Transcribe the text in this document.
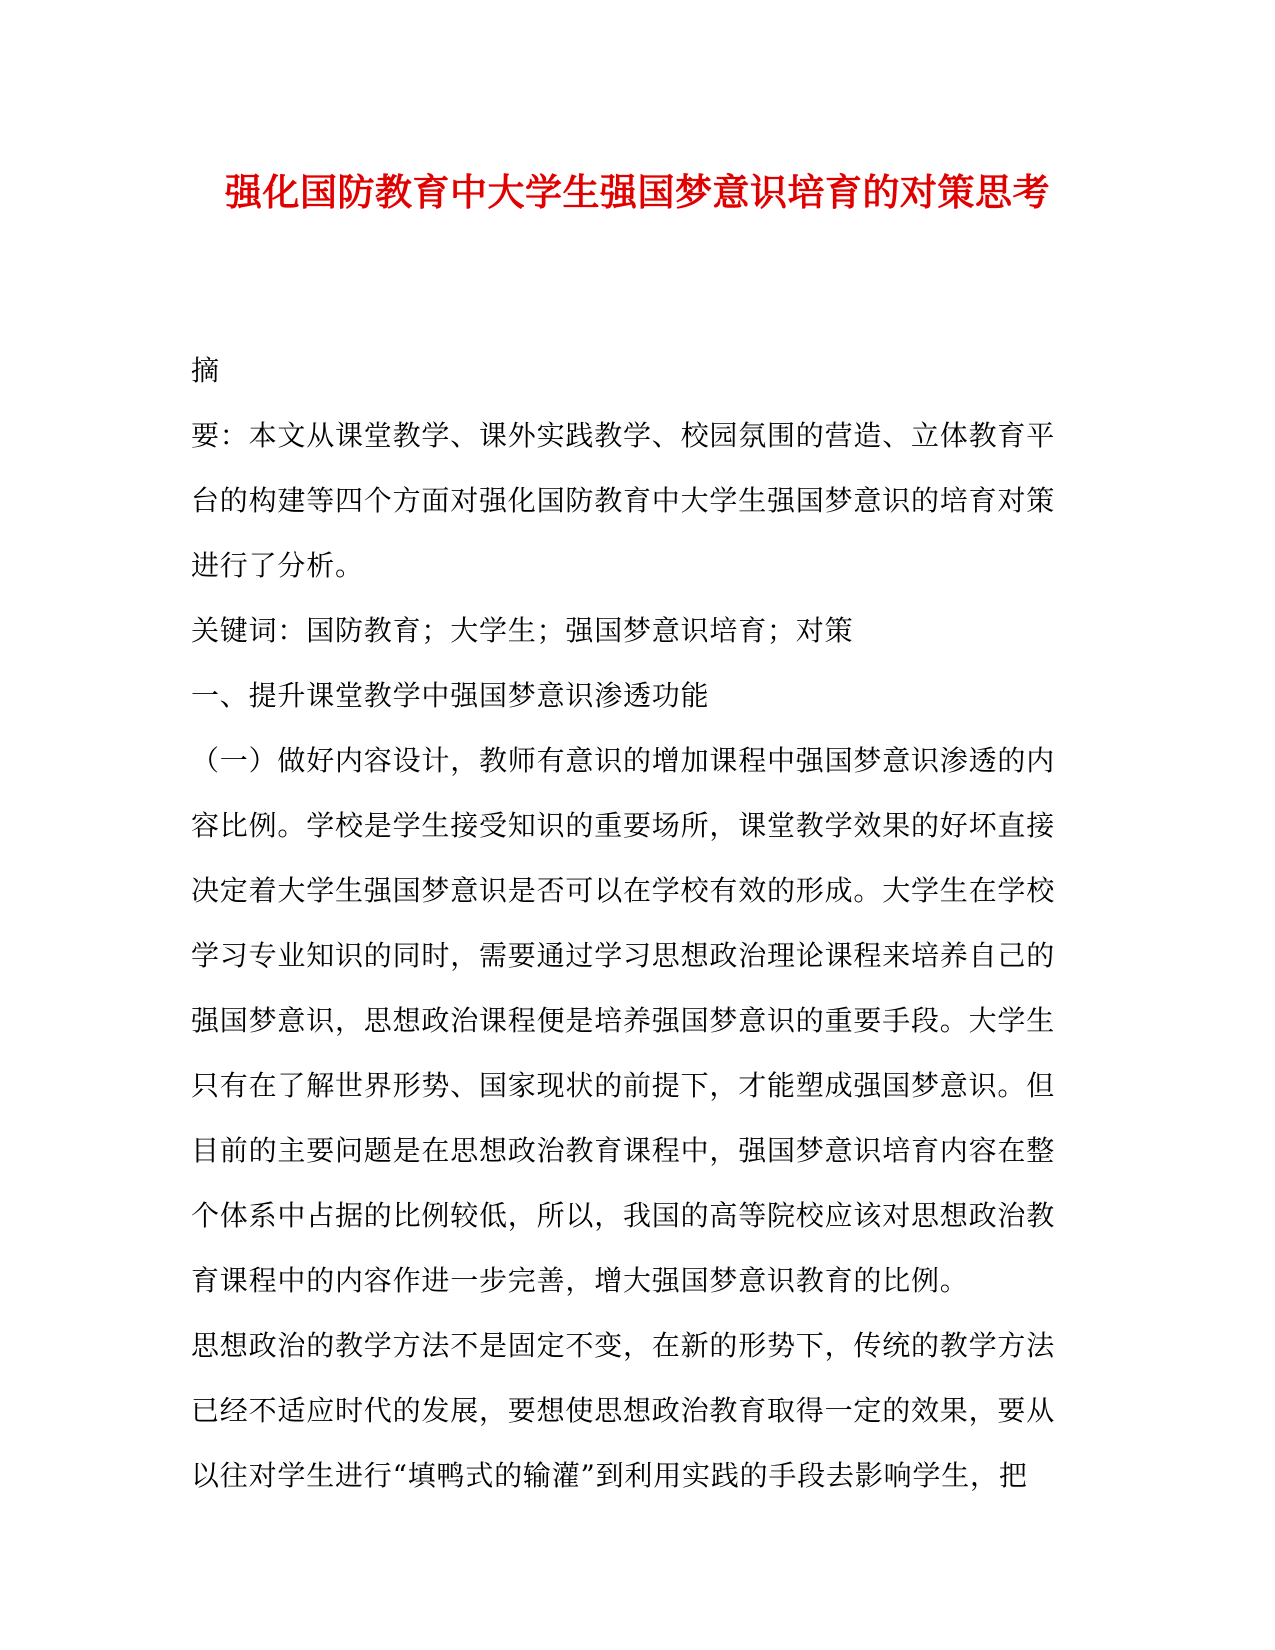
强化国防教育中大学生强国梦意识培育的对策思考

摘

要：本文从课堂教学、课外实践教学、校园氛围的营造、立体教育平台的构建等四个方面对强化国防教育中大学生强国梦意识的培育对策进行了分析。

关键词：国防教育；大学生；强国梦意识培育；对策

一、提升课堂教学中强国梦意识渗透功能

（一）做好内容设计，教师有意识的增加课程中强国梦意识渗透的内容比例。学校是学生接受知识的重要场所，课堂教学效果的好坏直接决定着大学生强国梦意识是否可以在学校有效的形成。大学生在学校学习专业知识的同时，需要通过学习思想政治理论课程来培养自己的强国梦意识，思想政治课程便是培养强国梦意识的重要手段。大学生只有在了解世界形势、国家现状的前提下，才能塑成强国梦意识。但目前的主要问题是在思想政治教育课程中，强国梦意识培育内容在整个体系中占据的比例较低，所以，我国的高等院校应该对思想政治教育课程中的内容作进一步完善，增大强国梦意识教育的比例。

思想政治的教学方法不是固定不变，在新的形势下，传统的教学方法已经不适应时代的发展，要想使思想政治教育取得一定的效果，要从以往对学生进行“填鸭式的输灌”到利用实践的手段去影响学生，把
